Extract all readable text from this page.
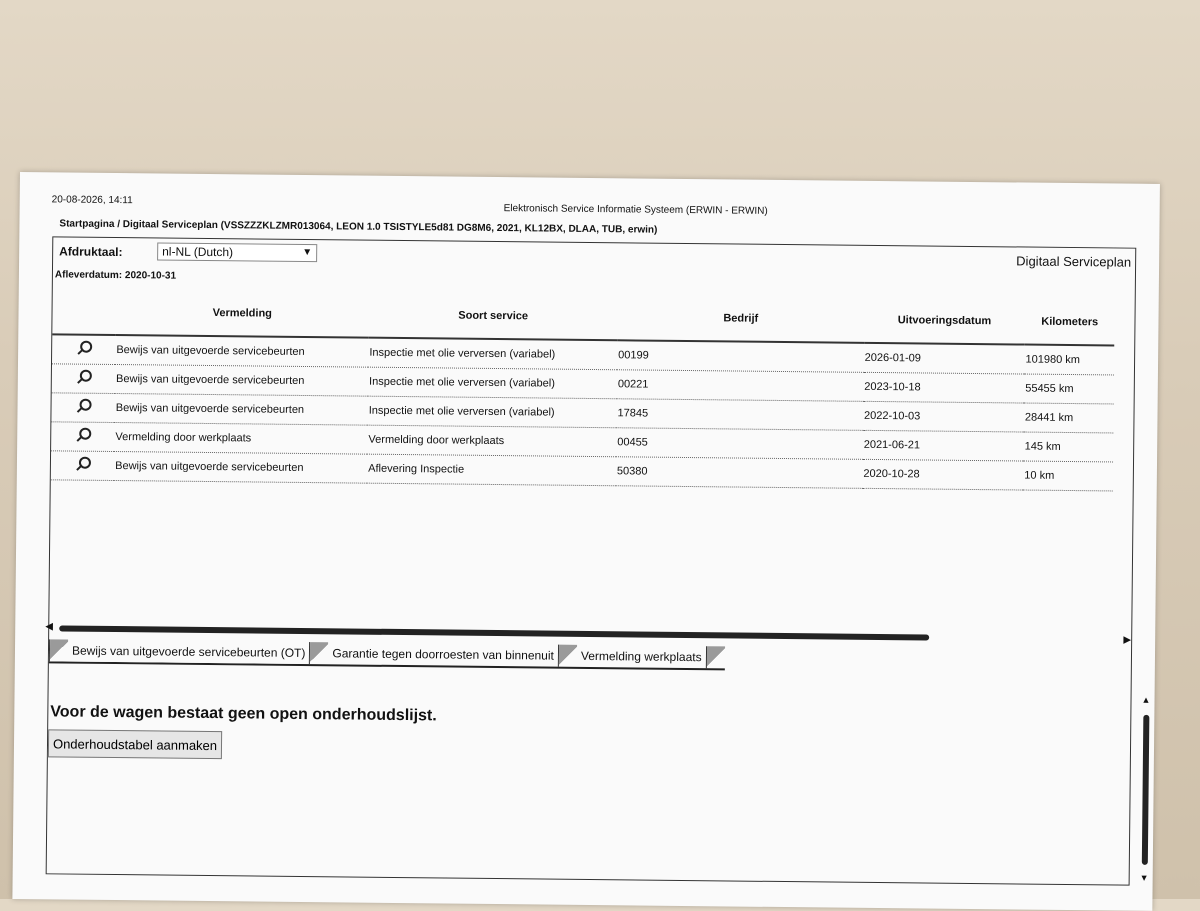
20-08-2026, 14:11
Elektronisch Service Informatie Systeem (ERWIN - ERWIN)
Startpagina / Digitaal Serviceplan (VSSZZZKLZMR013064, LEON 1.0 TSISTYLE5d81 DG8M6, 2021, KL12BX, DLAA, TUB, erwin)
Afdruktaal:	nl-NL (Dutch)	▼
Digitaal Serviceplan
Afleverdatum: 2020-10-31
	Vermelding	Soort service	Bedrijf	Uitvoeringsdatum	Kilometers
	Bewijs van uitgevoerde servicebeurten	Inspectie met olie verversen (variabel)	00199	2026-01-09	101980 km
	Bewijs van uitgevoerde servicebeurten	Inspectie met olie verversen (variabel)	00221	2023-10-18	55455 km
	Bewijs van uitgevoerde servicebeurten	Inspectie met olie verversen (variabel)	17845	2022-10-03	28441 km
	Vermelding door werkplaats	Vermelding door werkplaats	00455	2021-06-21	145 km
	Bewijs van uitgevoerde servicebeurten	Aflevering Inspectie	50380	2020-10-28	10 km
◀
▶
Bewijs van uitgevoerde servicebeurten (OT)	Garantie tegen doorroesten van binnenuit	Vermelding werkplaats
Voor de wagen bestaat geen open onderhoudslijst.
Onderhoudstabel aanmaken
▲
▼
